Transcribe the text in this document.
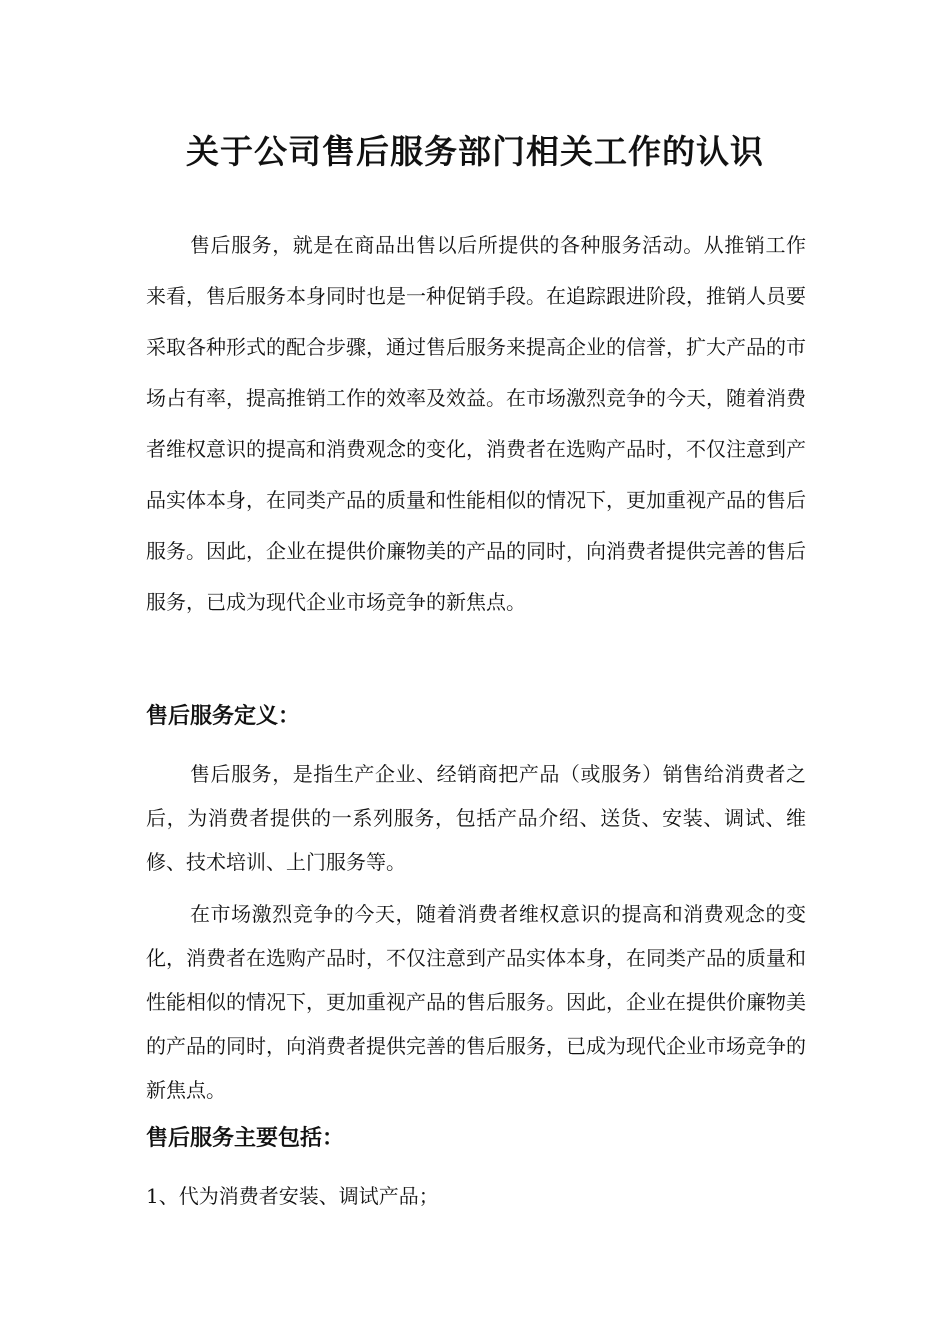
关于公司售后服务部门相关工作的认识

售后服务，就是在商品出售以后所提供的各种服务活动。从推销工作来看，售后服务本身同时也是一种促销手段。在追踪跟进阶段，推销人员要采取各种形式的配合步骤，通过售后服务来提高企业的信誉，扩大产品的市场占有率，提高推销工作的效率及效益。在市场激烈竞争的今天，随着消费者维权意识的提高和消费观念的变化，消费者在选购产品时，不仅注意到产品实体本身，在同类产品的质量和性能相似的情况下，更加重视产品的售后服务。因此，企业在提供价廉物美的产品的同时，向消费者提供完善的售后服务，已成为现代企业市场竞争的新焦点。

售后服务定义：

售后服务，是指生产企业、经销商把产品（或服务）销售给消费者之后，为消费者提供的一系列服务，包括产品介绍、送货、安装、调试、维修、技术培训、上门服务等。

在市场激烈竞争的今天，随着消费者维权意识的提高和消费观念的变化，消费者在选购产品时，不仅注意到产品实体本身，在同类产品的质量和性能相似的情况下，更加重视产品的售后服务。因此，企业在提供价廉物美的产品的同时，向消费者提供完善的售后服务，已成为现代企业市场竞争的新焦点。

售后服务主要包括：
1、代为消费者安装、调试产品；
